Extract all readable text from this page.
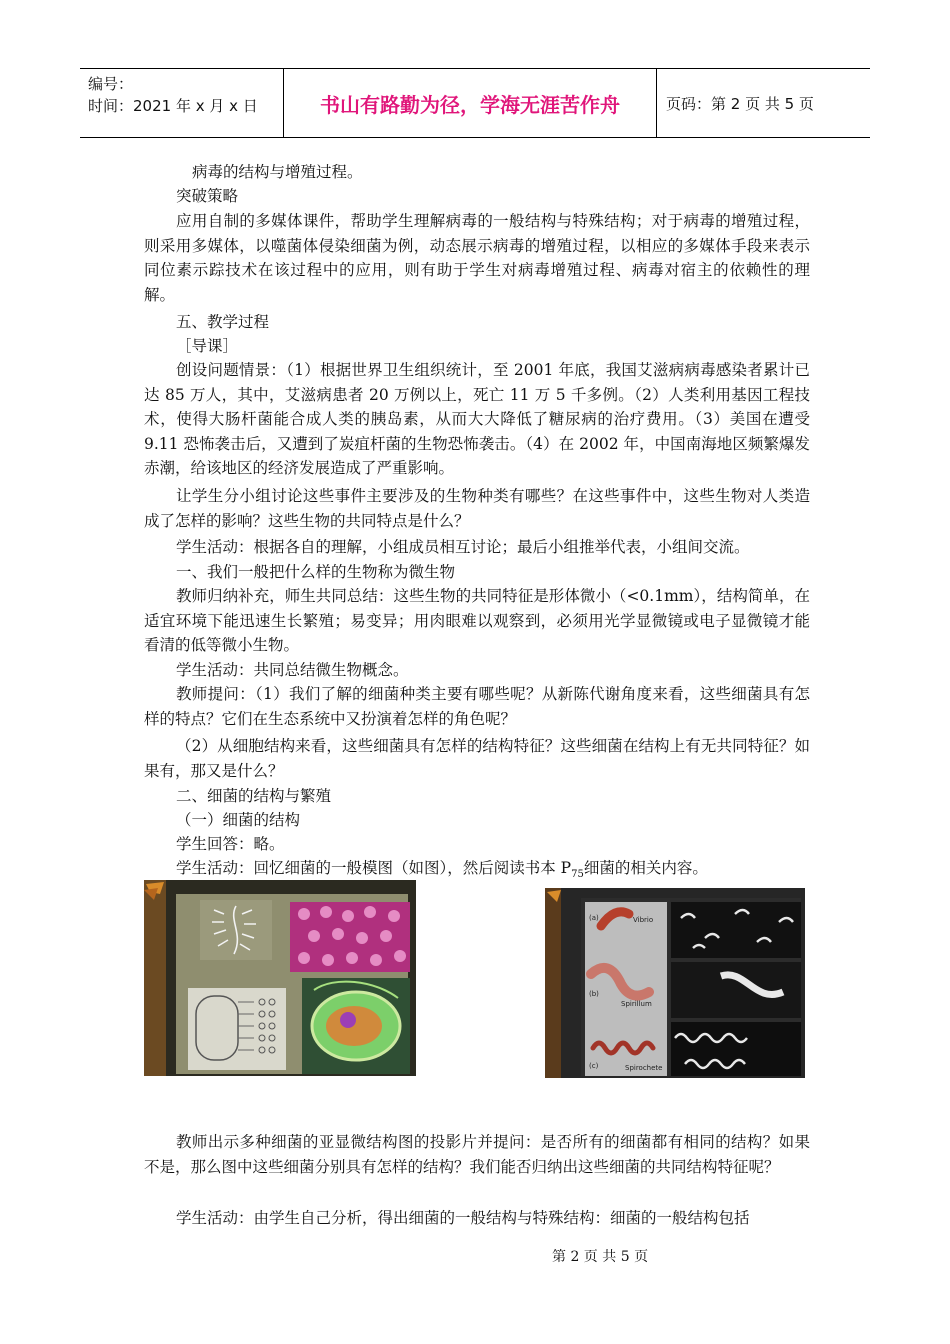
编号：
时间：2021 年 x 月 x 日	书山有路勤为径，学海无涯苦作舟	页码：第 2 页 共 5 页

病毒的结构与增殖过程。

突破策略

应用自制的多媒体课件，帮助学生理解病毒的一般结构与特殊结构；对于病毒的增殖过程，则采用多媒体，以噬菌体侵染细菌为例，动态展示病毒的增殖过程，以相应的多媒体手段来表示同位素示踪技术在该过程中的应用，则有助于学生对病毒增殖过程、病毒对宿主的依赖性的理解。

五、教学过程

［导课］

创设问题情景：（1）根据世界卫生组织统计，至 2001 年底，我国艾滋病病毒感染者累计已达 85 万人，其中，艾滋病患者 20 万例以上，死亡 11 万 5 千多例。（2）人类利用基因工程技术，使得大肠杆菌能合成人类的胰岛素，从而大大降低了糖尿病的治疗费用。（3）美国在遭受 9.11 恐怖袭击后，又遭到了炭疽杆菌的生物恐怖袭击。（4）在 2002 年，中国南海地区频繁爆发赤潮，给该地区的经济发展造成了严重影响。

让学生分小组讨论这些事件主要涉及的生物种类有哪些？在这些事件中，这些生物对人类造成了怎样的影响？这些生物的共同特点是什么？

学生活动：根据各自的理解，小组成员相互讨论；最后小组推举代表，小组间交流。

一、我们一般把什么样的生物称为微生物

教师归纳补充，师生共同总结：这些生物的共同特征是形体微小（<0.1mm），结构简单，在适宜环境下能迅速生长繁殖；易变异；用肉眼难以观察到，必须用光学显微镜或电子显微镜才能看清的低等微小生物。

学生活动：共同总结微生物概念。

教师提问：（1）我们了解的细菌种类主要有哪些呢？从新陈代谢角度来看，这些细菌具有怎样的特点？它们在生态系统中又扮演着怎样的角色呢？

（2）从细胞结构来看，这些细菌具有怎样的结构特征？这些细菌在结构上有无共同特征？如果有，那又是什么？

二、细菌的结构与繁殖

（一）细菌的结构

学生回答：略。

学生活动：回忆细菌的一般模图（如图），然后阅读书本 $P_{75}$细菌的相关内容。

(a)	Vibrio
(b)
Spirillum
(c)	Spirochete

教师出示多种细菌的亚显微结构图的投影片并提问：是否所有的细菌都有相同的结构？如果不是，那么图中这些细菌分别具有怎样的结构？我们能否归纳出这些细菌的共同结构特征呢？

学生活动：由学生自己分析，得出细菌的一般结构与特殊结构：细菌的一般结构包括

第 2 页 共 5 页
